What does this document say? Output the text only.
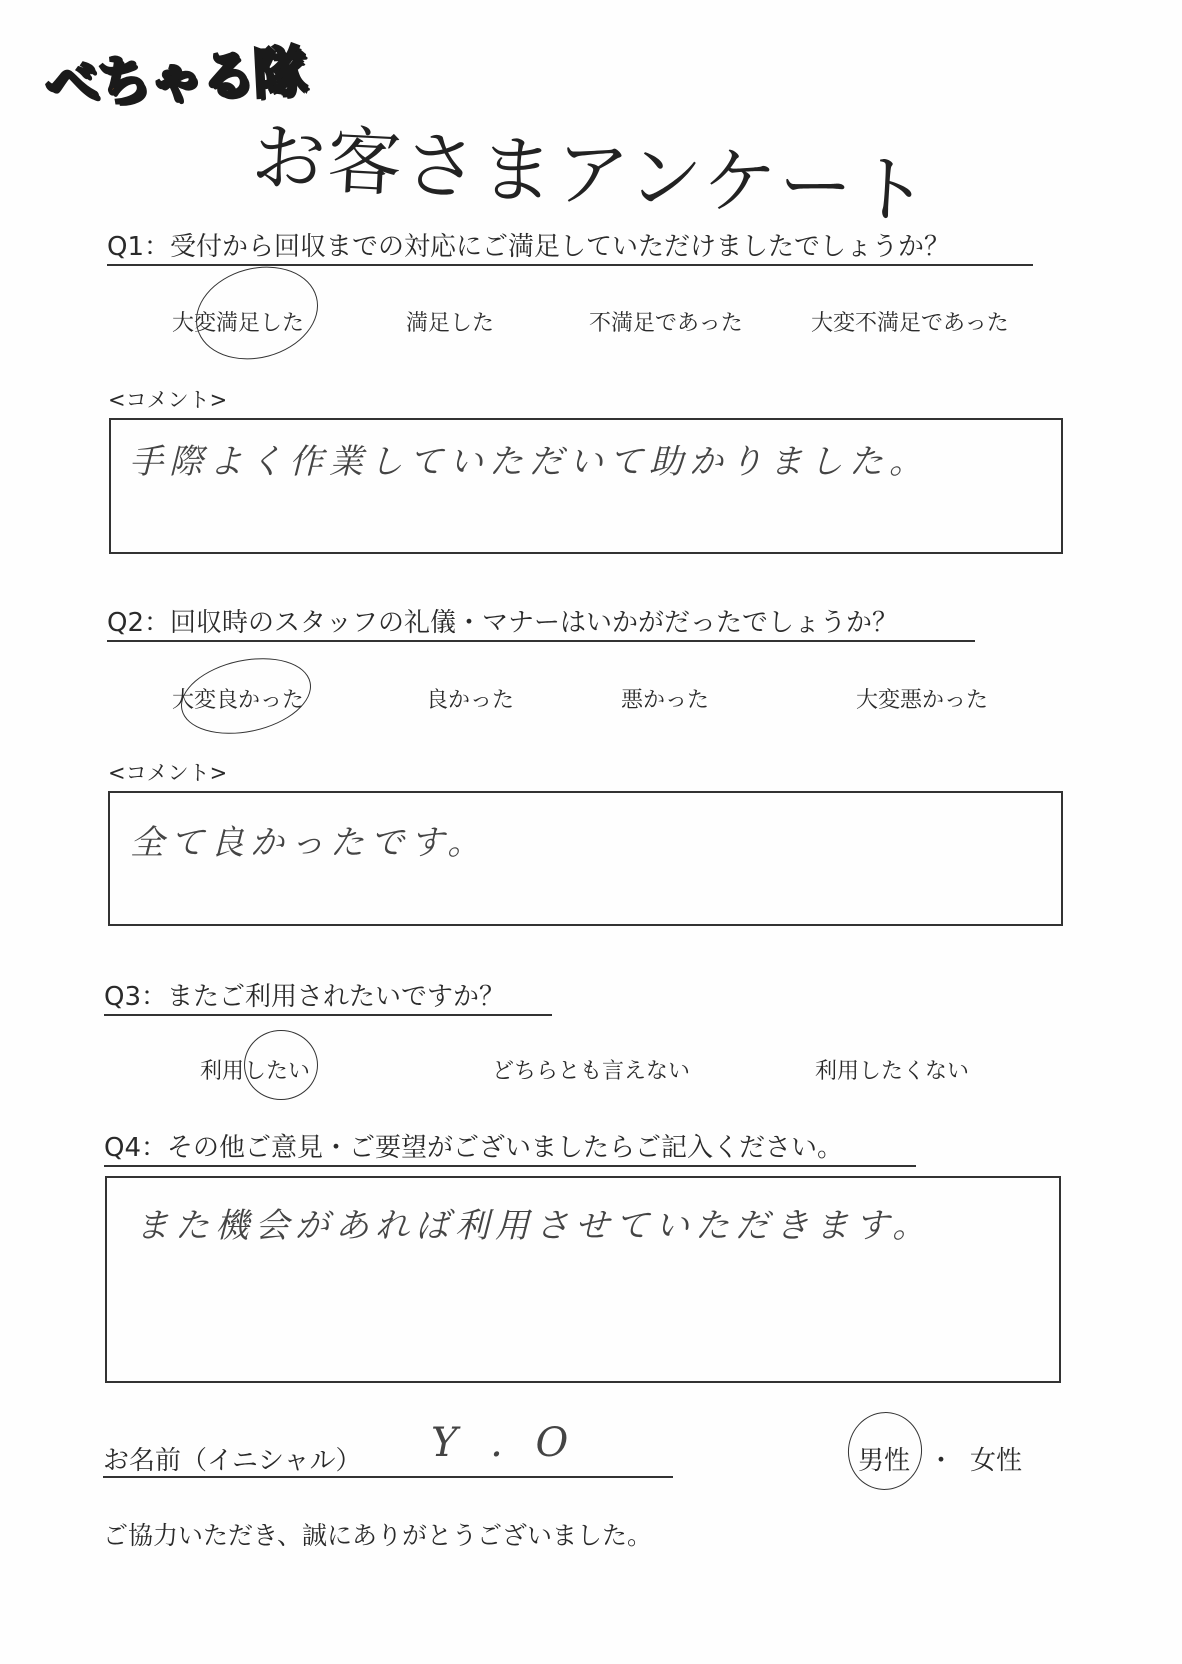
べちゃる隊
お客さまアンケート
Q1：受付から回収までの対応にご満足していただけましたでしょうか？
大変満足した	満足した	不満足であった	大変不満足であった
<コメント>
手際よく作業していただいて助かりました。
Q2：回収時のスタッフの礼儀・マナーはいかがだったでしょうか？
大変良かった	良かった	悪かった	大変悪かった
<コメント>
全て良かったです。
Q3：またご利用されたいですか？
利用したい	どちらとも言えない	利用したくない
Q4：その他ご意見・ご要望がございましたらご記入ください。
また機会があれば利用させていただきます。
お名前（イニシャル） Y . O	男性 ・ 女性
ご協力いただき、誠にありがとうございました。
